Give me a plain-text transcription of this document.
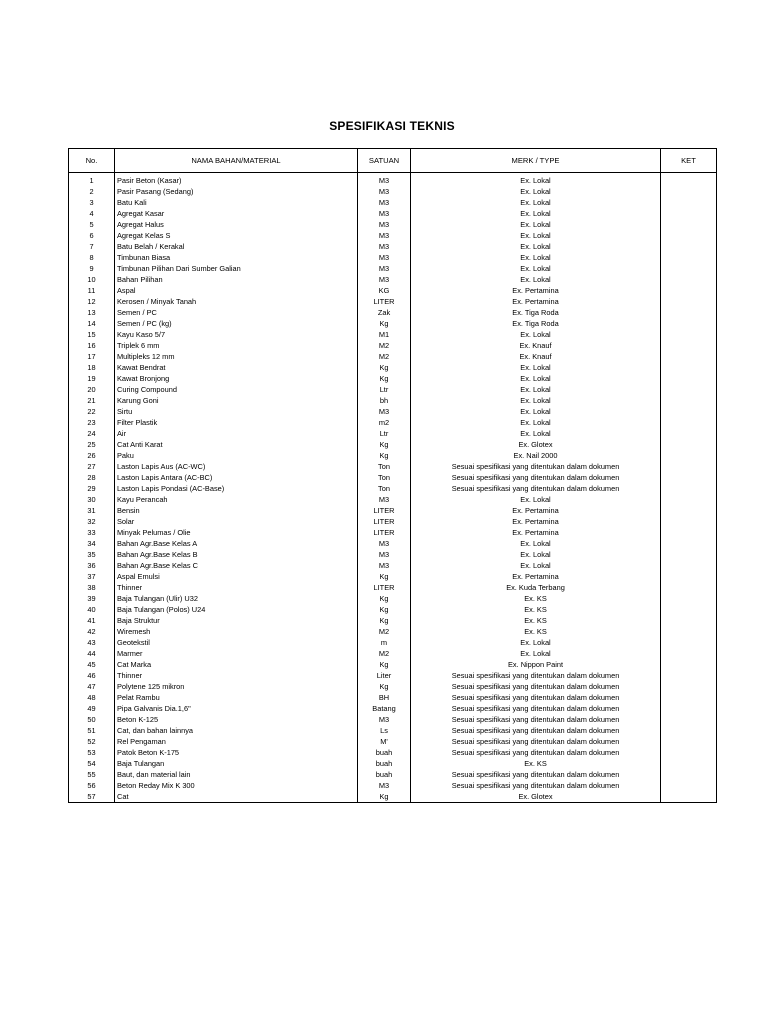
SPESIFIKASI TEKNIS
No.	NAMA BAHAN/MATERIAL	SATUAN	MERK / TYPE	KET
1	Pasir Beton (Kasar)	M3	Ex. Lokal	
2	Pasir Pasang (Sedang)	M3	Ex. Lokal	
3	Batu Kali	M3	Ex. Lokal	
4	Agregat Kasar	M3	Ex. Lokal	
5	Agregat Halus	M3	Ex. Lokal	
6	Agregat Kelas S	M3	Ex. Lokal	
7	Batu Belah / Kerakal	M3	Ex. Lokal	
8	Timbunan Biasa	M3	Ex. Lokal	
9	Timbunan Pilihan Dari Sumber Galian	M3	Ex. Lokal	
10	Bahan Pilihan	M3	Ex. Lokal	
11	Aspal	KG	Ex. Pertamina	
12	Kerosen / Minyak Tanah	LITER	Ex. Pertamina	
13	Semen / PC	Zak	Ex. Tiga Roda	
14	Semen / PC (kg)	Kg	Ex. Tiga Roda	
15	Kayu Kaso 5/7	M1	Ex. Lokal	
16	Triplek 6 mm	M2	Ex. Knauf	
17	Multipleks 12 mm	M2	Ex. Knauf	
18	Kawat Bendrat	Kg	Ex. Lokal	
19	Kawat Bronjong	Kg	Ex. Lokal	
20	Curing Compound	Ltr	Ex. Lokal	
21	Karung Goni	bh	Ex. Lokal	
22	Sirtu	M3	Ex. Lokal	
23	Filter Plastik	m2	Ex. Lokal	
24	Air	Ltr	Ex. Lokal	
25	Cat Anti Karat	Kg	Ex. Glotex	
26	Paku	Kg	Ex. Nail 2000	
27	Laston Lapis Aus (AC-WC)	Ton	Sesuai spesifikasi yang ditentukan dalam dokumen	
28	Laston Lapis Antara (AC-BC)	Ton	Sesuai spesifikasi yang ditentukan dalam dokumen	
29	Laston Lapis Pondasi (AC-Base)	Ton	Sesuai spesifikasi yang ditentukan dalam dokumen	
30	Kayu Perancah	M3	Ex. Lokal	
31	Bensin	LITER	Ex. Pertamina	
32	Solar	LITER	Ex. Pertamina	
33	Minyak Pelumas / Olie	LITER	Ex. Pertamina	
34	Bahan Agr.Base Kelas A	M3	Ex. Lokal	
35	Bahan Agr.Base Kelas B	M3	Ex. Lokal	
36	Bahan Agr.Base Kelas C	M3	Ex. Lokal	
37	Aspal Emulsi	Kg	Ex. Pertamina	
38	Thinner	LITER	Ex. Kuda Terbang	
39	Baja Tulangan (Ulir) U32	Kg	Ex. KS	
40	Baja Tulangan (Polos) U24	Kg	Ex. KS	
41	Baja Struktur	Kg	Ex. KS	
42	Wiremesh	M2	Ex. KS	
43	Geotekstil	m	Ex. Lokal	
44	Marmer	M2	Ex. Lokal	
45	Cat Marka	Kg	Ex. Nippon Paint	
46	Thinner	Liter	Sesuai spesifikasi yang ditentukan dalam dokumen	
47	Polytene 125 mikron	Kg	Sesuai spesifikasi yang ditentukan dalam dokumen	
48	Pelat Rambu	BH	Sesuai spesifikasi yang ditentukan dalam dokumen	
49	Pipa Galvanis Dia.1,6"	Batang	Sesuai spesifikasi yang ditentukan dalam dokumen	
50	Beton K-125	M3	Sesuai spesifikasi yang ditentukan dalam dokumen	
51	Cat, dan bahan lainnya	Ls	Sesuai spesifikasi yang ditentukan dalam dokumen	
52	Rel Pengaman	M'	Sesuai spesifikasi yang ditentukan dalam dokumen	
53	Patok Beton K-175	buah	Sesuai spesifikasi yang ditentukan dalam dokumen	
54	Baja Tulangan	buah	Ex. KS	
55	Baut, dan material lain	buah	Sesuai spesifikasi yang ditentukan dalam dokumen	
56	Beton Reday Mix K 300	M3	Sesuai spesifikasi yang ditentukan dalam dokumen	
57	Cat	Kg	Ex. Glotex	
